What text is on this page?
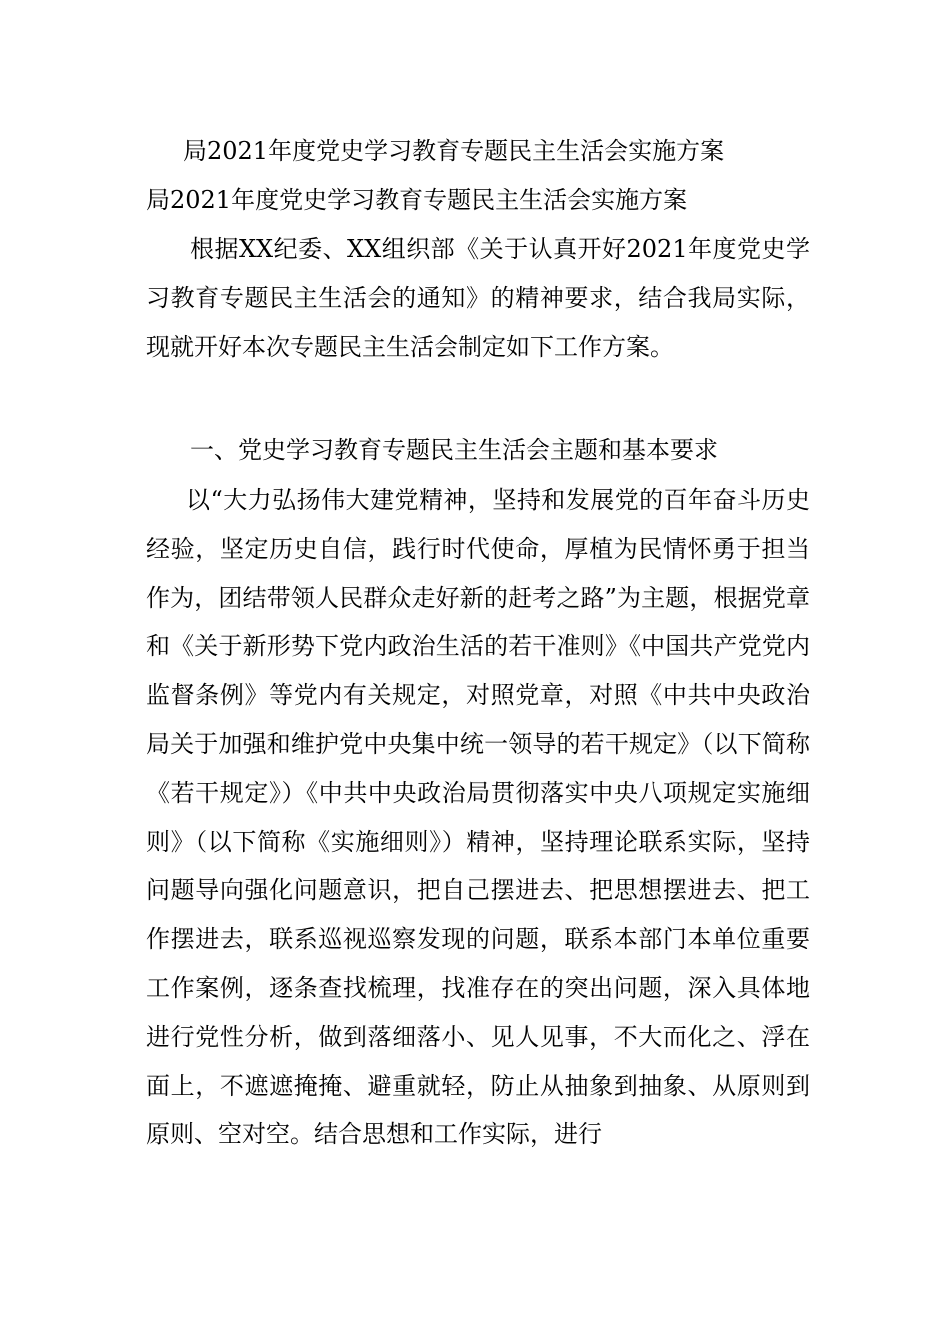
局2021年度党史学习教育专题民主生活会实施方案
局2021年度党史学习教育专题民主生活会实施方案

根据XX纪委、XX组织部《关于认真开好2021年度党史学习教育专题民主生活会的通知》的精神要求，结合我局实际，现就开好本次专题民主生活会制定如下工作方案。

一、党史学习教育专题民主生活会主题和基本要求

以“大力弘扬伟大建党精神，坚持和发展党的百年奋斗历史经验，坚定历史自信，践行时代使命，厚植为民情怀勇于担当作为，团结带领人民群众走好新的赶考之路”为主题，根据党章和《关于新形势下党内政治生活的若干准则》《中国共产党党内监督条例》等党内有关规定，对照党章，对照《中共中央政治局关于加强和维护党中央集中统一领导的若干规定》（以下简称《若干规定》）《中共中央政治局贯彻落实中央八项规定实施细则》（以下简称《实施细则》）精神，坚持理论联系实际，坚持问题导向强化问题意识，把自己摆进去、把思想摆进去、把工作摆进去，联系巡视巡察发现的问题，联系本部门本单位重要工作案例，逐条查找梳理，找准存在的突出问题，深入具体地进行党性分析，做到落细落小、见人见事，不大而化之、浮在面上，不遮遮掩掩、避重就轻，防止从抽象到抽象、从原则到原则、空对空。结合思想和工作实际，进行
